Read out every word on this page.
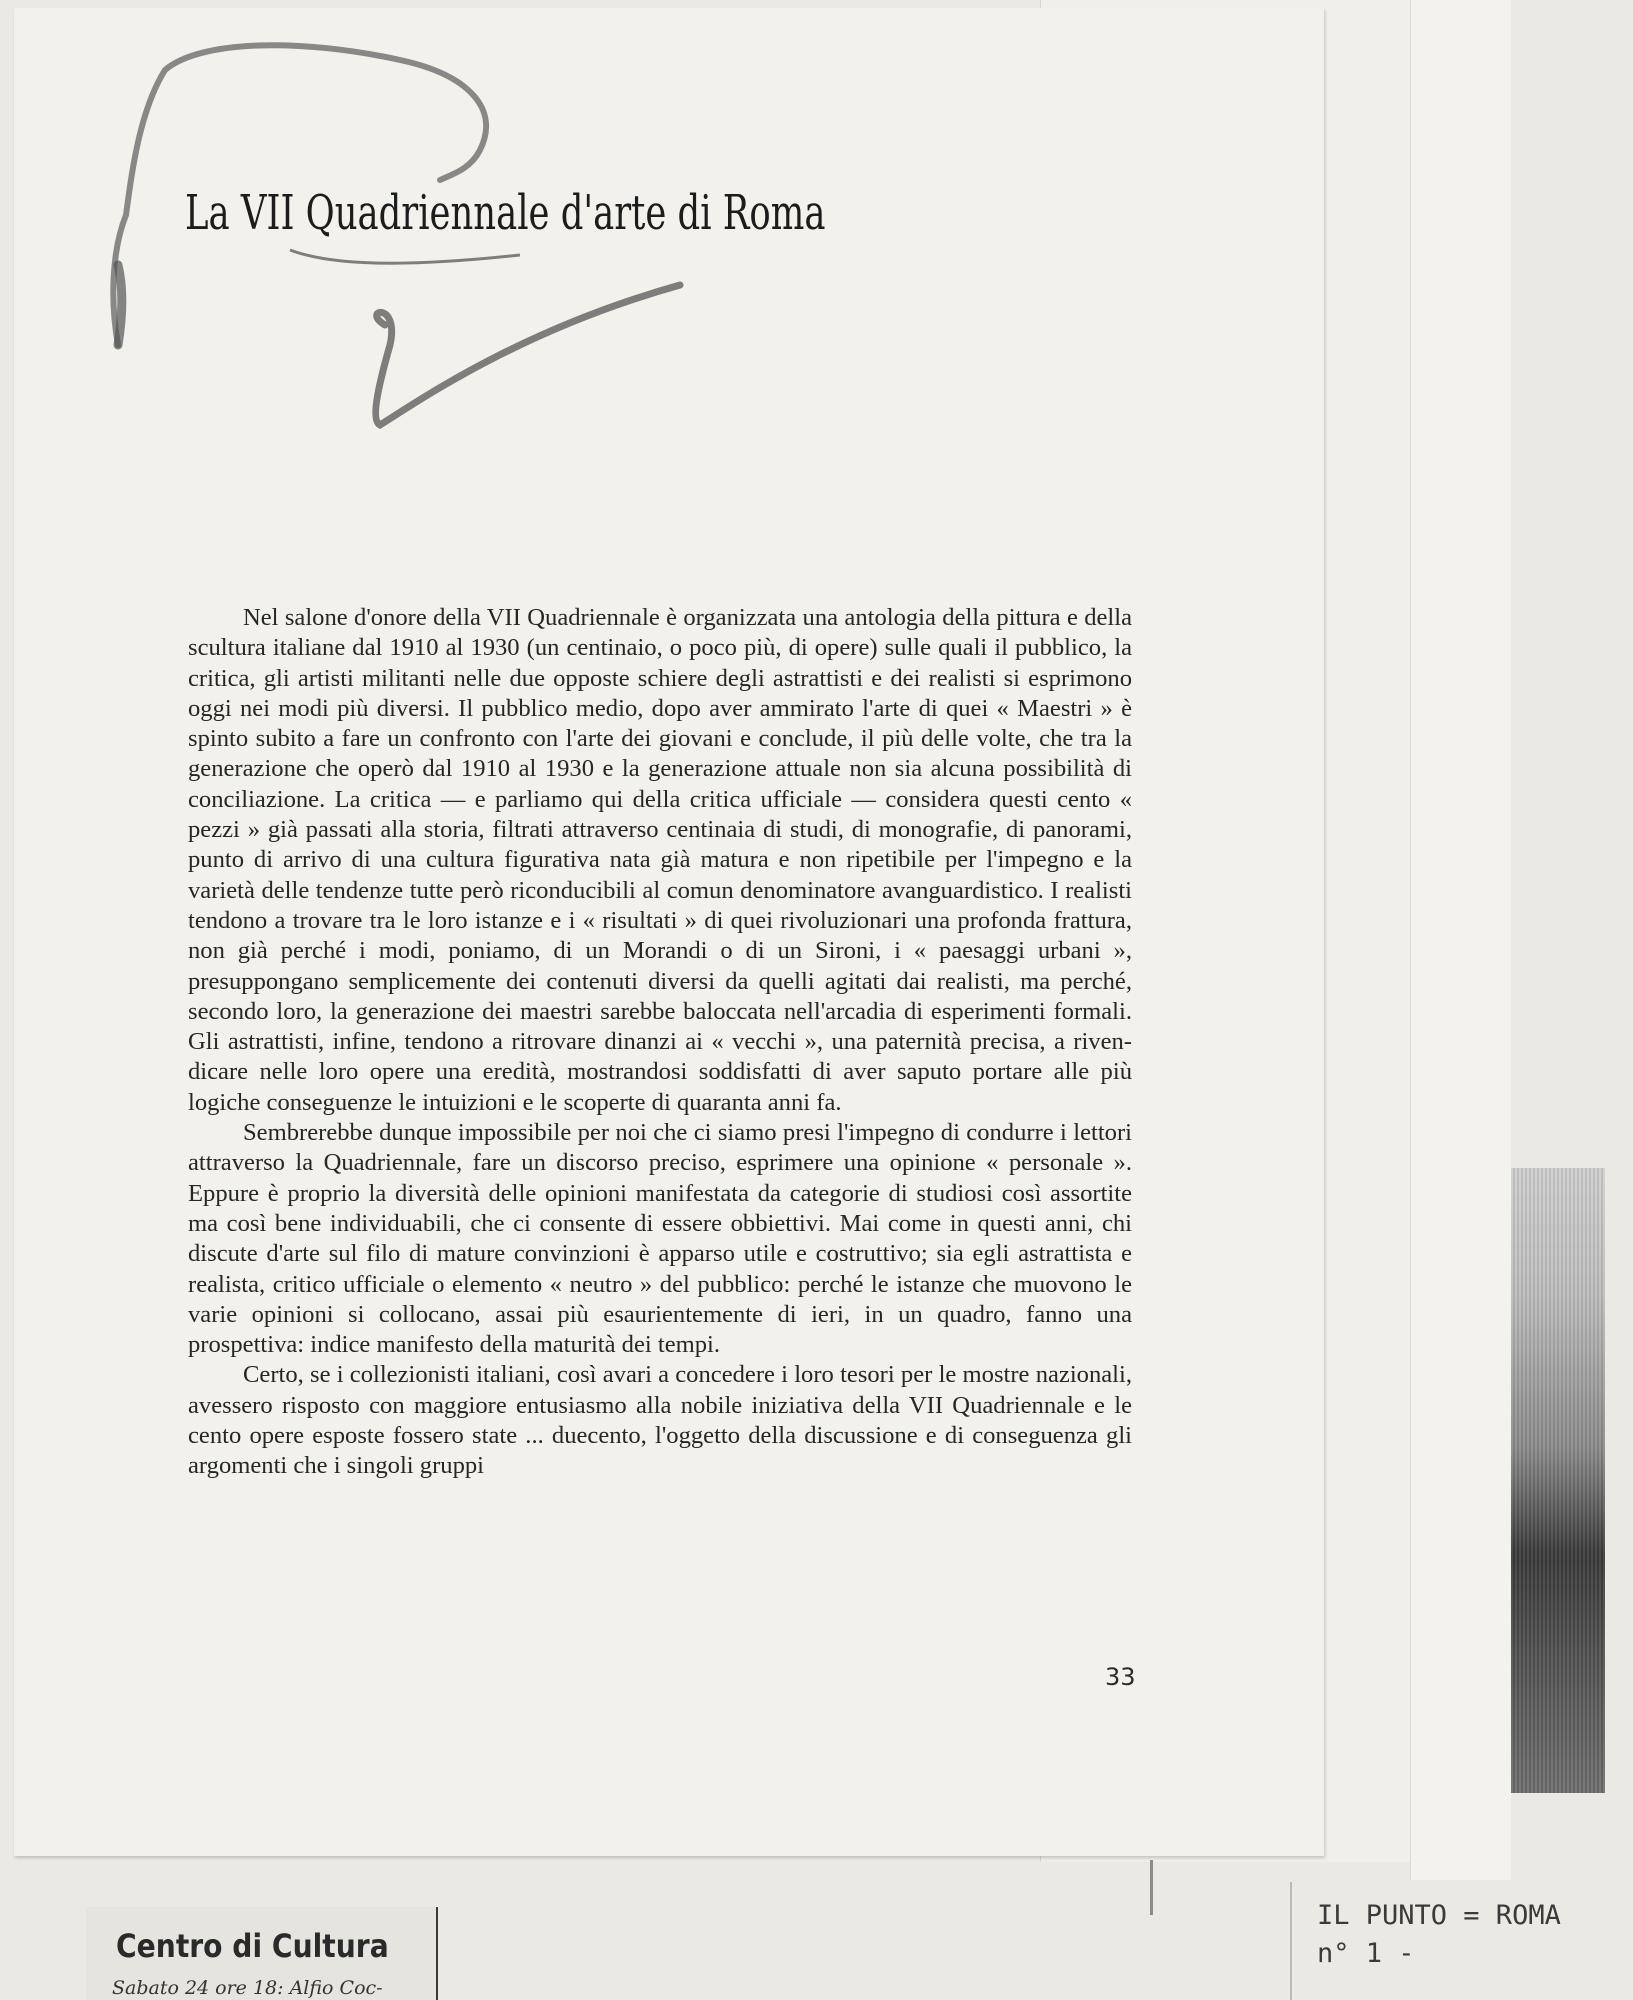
La VII Quadriennale d'arte di Roma

Nel salone d'onore della VII Quadriennale è organizzata una antologia della pittura e della scultura italiane dal 1910 al 1930 (un centinaio, o poco più, di opere) sulle quali il pubblico, la critica, gli artisti militanti nelle due opposte schiere degli astrattisti e dei realisti si esprimono oggi nei modi più diversi. Il pubblico medio, dopo aver ammirato l'arte di quei « Maestri » è spinto subito a fare un confronto con l'arte dei giovani e conclude, il più delle volte, che tra la generazione che operò dal 1910 al 1930 e la generazione attuale non sia alcuna possibilità di conciliazione. La critica — e parliamo qui della critica ufficiale — considera questi cento « pezzi » già passati alla storia, filtrati attraverso centinaia di studi, di monografie, di panorami, punto di arrivo di una cultura figurativa nata già matura e non ripetibile per l'impegno e la varietà delle tendenze tutte però riconducibili al comun denominatore avanguardistico. I realisti tendono a trovare tra le loro istanze e i « risultati » di quei rivoluzionari una profonda frattura, non già perché i modi, poniamo, di un Morandi o di un Sironi, i « paesaggi urbani », presuppongano semplicemente dei contenuti diversi da quelli agitati dai realisti, ma perché, secondo loro, la generazione dei maestri sarebbe baloccata nell'arcadia di esperimenti formali. Gli astrattisti, infine, tendono a ritrovare dinanzi ai « vecchi », una paternità precisa, a rivendicare nelle loro opere una eredità, mostrandosi soddisfatti di aver saputo portare alle più logiche conseguenze le intuizioni e le scoperte di quaranta anni fa.

Sembrerebbe dunque impossibile per noi che ci siamo presi l'impegno di condurre i lettori attraverso la Quadriennale, fare un discorso preciso, esprimere una opinione « personale ». Eppure è proprio la diversità delle opinioni manifestata da categorie di studiosi così assortite ma così bene individuabili, che ci consente di essere obbiettivi. Mai come in questi anni, chi discute d'arte sul filo di mature convinzioni è apparso utile e costruttivo; sia egli astrattista e realista, critico ufficiale o elemento « neutro » del pubblico: perché le istanze che muovono le varie opinioni si collocano, assai più esaurientemente di ieri, in un quadro, fanno una prospettiva: indice manifesto della maturità dei tempi.

Certo, se i collezionisti italiani, così avari a concedere i loro tesori per le mostre nazionali, avessero risposto con maggiore entusiasmo alla nobile iniziativa della VII Quadriennale e le cento opere esposte fossero state ... duecento, l'oggetto della discussione e di conseguenza gli argomenti che i singoli gruppi

33
Centro di Cultura
Sabato 24 ore 18: Alfio Coc-
IL PUNTO = ROMA
n° 1 -
